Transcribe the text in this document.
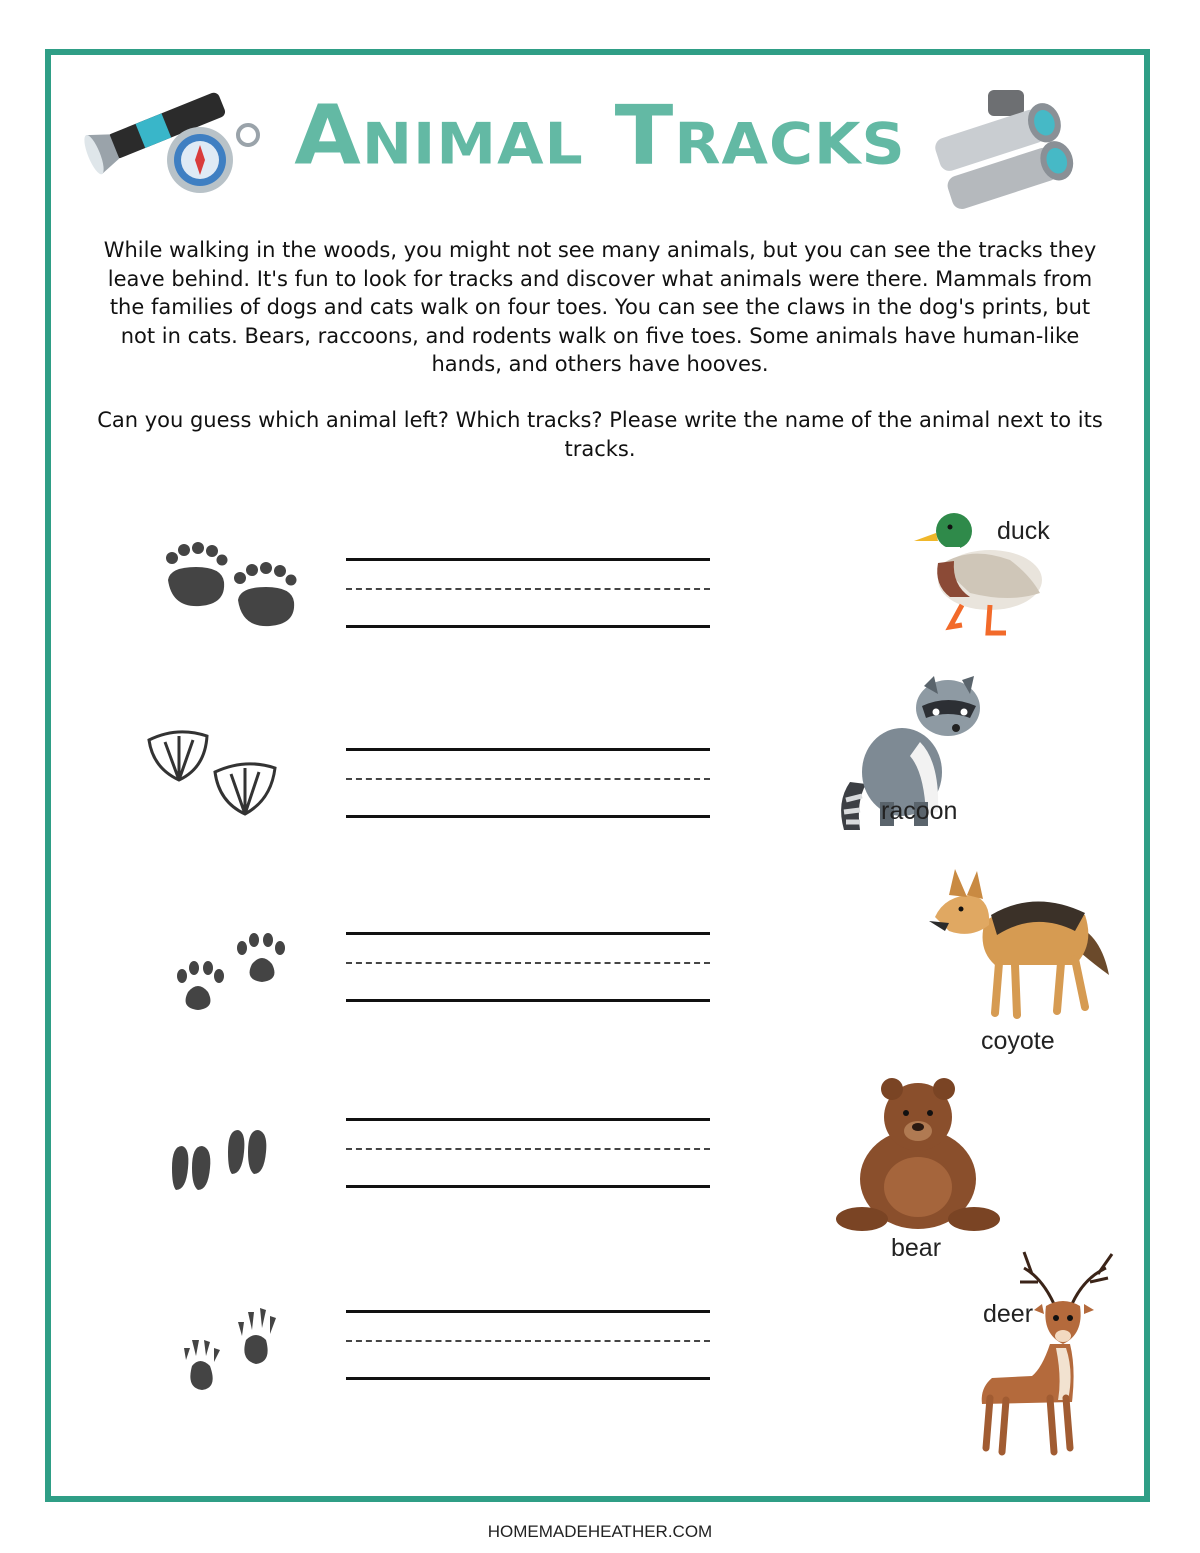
Animal Tracks
While walking in the woods, you might not see many animals, but you can see the tracks they leave behind. It's fun to look for tracks and discover what animals were there. Mammals from the families of dogs and cats walk on four toes. You can see the claws in the dog's prints, but not in cats. Bears, raccoons, and rodents walk on five toes. Some animals have human-like hands, and others have hooves.
Can you guess which animal left? Which tracks? Please write the name of the animal next to its tracks.
duck
racoon
coyote
bear
deer
HOMEMADEHEATHER.COM
